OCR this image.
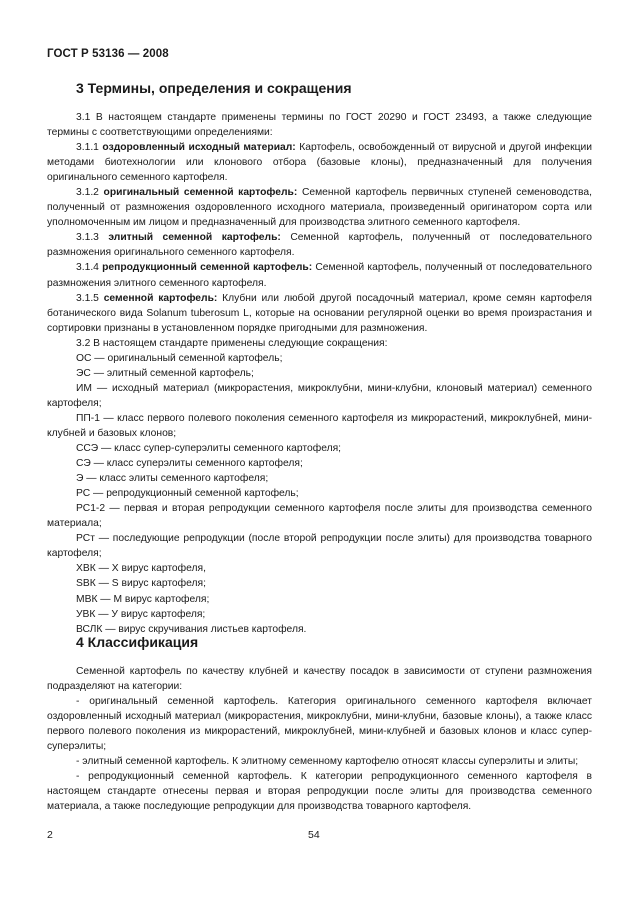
ГОСТ Р 53136 — 2008
3 Термины, определения и сокращения

3.1 В настоящем стандарте применены термины по ГОСТ 20290 и ГОСТ 23493, а также следующие термины с соответствующими определениями:

3.1.1 оздоровленный исходный материал: Картофель, освобожденный от вирусной и другой инфекции методами биотехнологии или клонового отбора (базовые клоны), предназначенный для получения оригинального семенного картофеля.

3.1.2 оригинальный семенной картофель: Семенной картофель первичных ступеней семеноводства, полученный от размножения оздоровленного исходного материала, произведенный оригинатором сорта или уполномоченным им лицом и предназначенный для производства элитного семенного картофеля.

3.1.3 элитный семенной картофель: Семенной картофель, полученный от последовательного размножения оригинального семенного картофеля.

3.1.4 репродукционный семенной картофель: Семенной картофель, полученный от последовательного размножения элитного семенного картофеля.

3.1.5 семенной картофель: Клубни или любой другой посадочный материал, кроме семян картофеля ботанического вида Solanum tuberosum L, которые на основании регулярной оценки во время произрастания и сортировки признаны в установленном порядке пригодными для размножения.

3.2 В настоящем стандарте применены следующие сокращения:

ОС — оригинальный семенной картофель;

ЭС — элитный семенной картофель;

ИМ — исходный материал (микрорастения, микроклубни, мини-клубни, клоновый материал) семенного картофеля;

ПП-1 — класс первого полевого поколения семенного картофеля из микрорастений, микроклубней, мини-клубней и базовых клонов;

ССЭ — класс супер-суперэлиты семенного картофеля;

СЭ — класс суперэлиты семенного картофеля;

Э — класс элиты семенного картофеля;

РС — репродукционный семенной картофель;

РС1-2 — первая и вторая репродукции семенного картофеля после элиты для производства семенного материала;

РСт — последующие репродукции (после второй репродукции после элиты) для производства товарного картофеля;

ХВК — Х вирус картофеля,

SВК — S вирус картофеля;

МВК — М вирус картофеля;

УВК — У вирус картофеля;

ВСЛК — вирус скручивания листьев картофеля.

4 Классификация

Семенной картофель по качеству клубней и качеству посадок в зависимости от ступени размножения подразделяют на категории:

- оригинальный семенной картофель. Категория оригинального семенного картофеля включает оздоровленный исходный материал (микрорастения, микроклубни, мини-клубни, базовые клоны), а также класс первого полевого поколения из микрорастений, микроклубней, мини-клубней и базовых клонов и класс супер-суперэлиты;

- элитный семенной картофель. К элитному семенному картофелю относят классы суперэлиты и элиты;

- репродукционный семенной картофель. К категории репродукционного семенного картофеля в настоящем стандарте отнесены первая и вторая репродукции после элиты для производства семенного материала, а также последующие репродукции для производства товарного картофеля.

2	54
